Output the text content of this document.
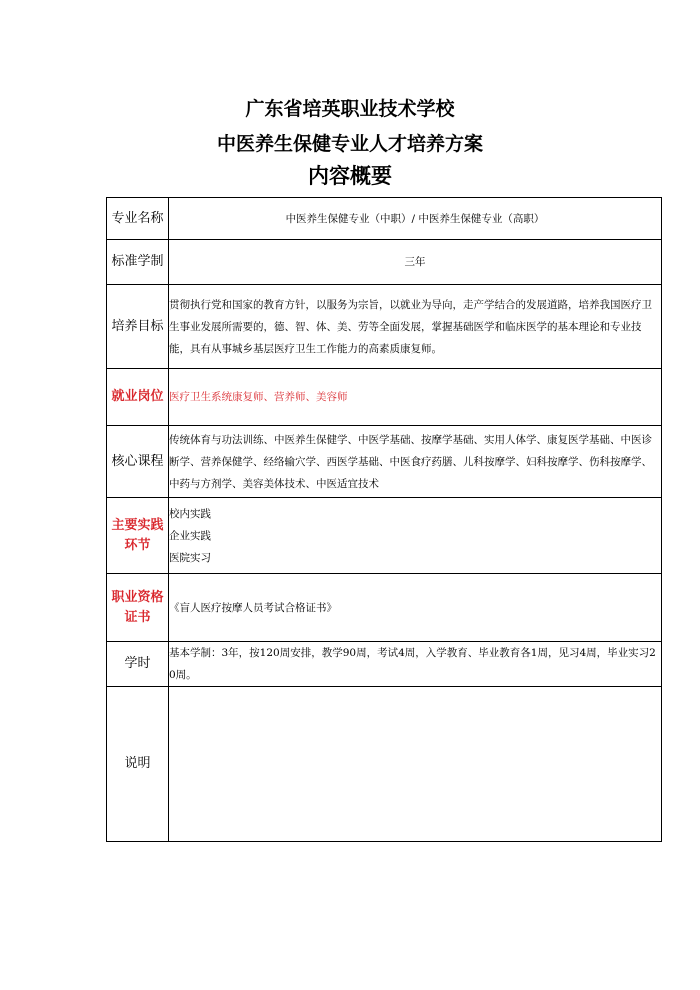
广东省培英职业技术学校
中医养生保健专业人才培养方案
内容概要
专业名称	中医养生保健专业（中职）/ 中医养生保健专业（高职）
标准学制	三年
培养目标	贯彻执行党和国家的教育方针，以服务为宗旨，以就业为导向，走产学结合的发展道路，培养我国医疗卫生事业发展所需要的，德、智、体、美、劳等全面发展，掌握基础医学和临床医学的基本理论和专业技能，具有从事城乡基层医疗卫生工作能力的高素质康复师。
就业岗位	医疗卫生系统康复师、营养师、美容师
核心课程	传统体育与功法训练、中医养生保健学、中医学基础、按摩学基础、实用人体学、康复医学基础、中医诊断学、营养保健学、经络输穴学、西医学基础、中医食疗药膳、儿科按摩学、妇科按摩学、伤科按摩学、中药与方剂学、美容美体技术、中医适宜技术
主要实践环节	校内实践
企业实践
医院实习

职业资格证书	《盲人医疗按摩人员考试合格证书》
学时	基本学制：3年，按120周安排，教学90周，考试4周，入学教育、毕业教育各1周，见习4周，毕业实习20周。
说明	
